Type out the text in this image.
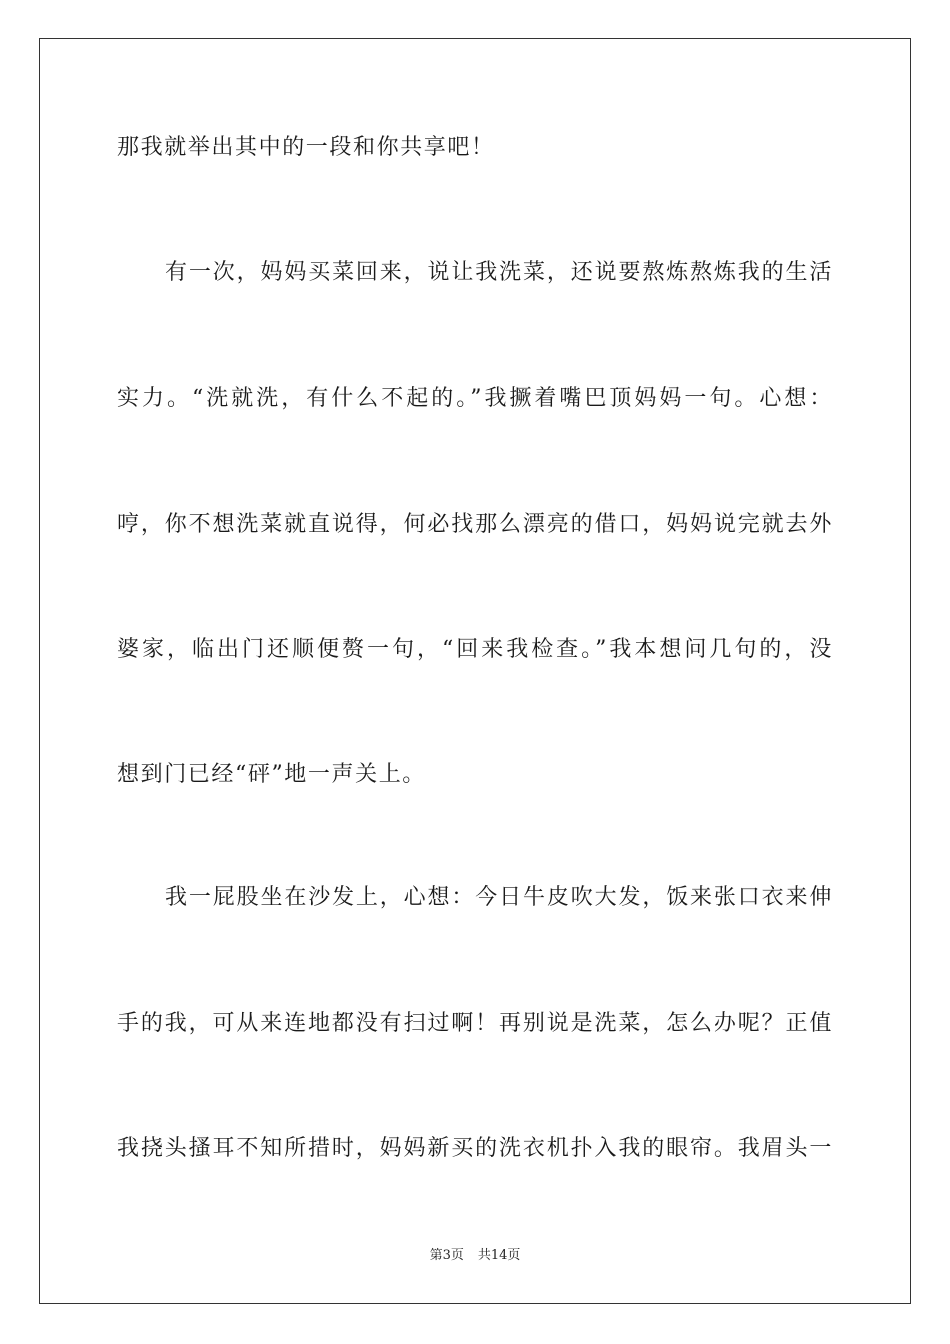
那我就举出其中的一段和你共享吧！
有一次，妈妈买菜回来，说让我洗菜，还说要熬炼熬炼我的生活
实力。“洗就洗，有什么不起的。”我撅着嘴巴顶妈妈一句。心想：
哼，你不想洗菜就直说得，何必找那么漂亮的借口，妈妈说完就去外
婆家，临出门还顺便赘一句，“回来我检查。”我本想问几句的，没
想到门已经“砰”地一声关上。
我一屁股坐在沙发上，心想：今日牛皮吹大发，饭来张口衣来伸
手的我，可从来连地都没有扫过啊！再别说是洗菜，怎么办呢？正值
我挠头搔耳不知所措时，妈妈新买的洗衣机扑入我的眼帘。我眉头一
第3页 共14页
